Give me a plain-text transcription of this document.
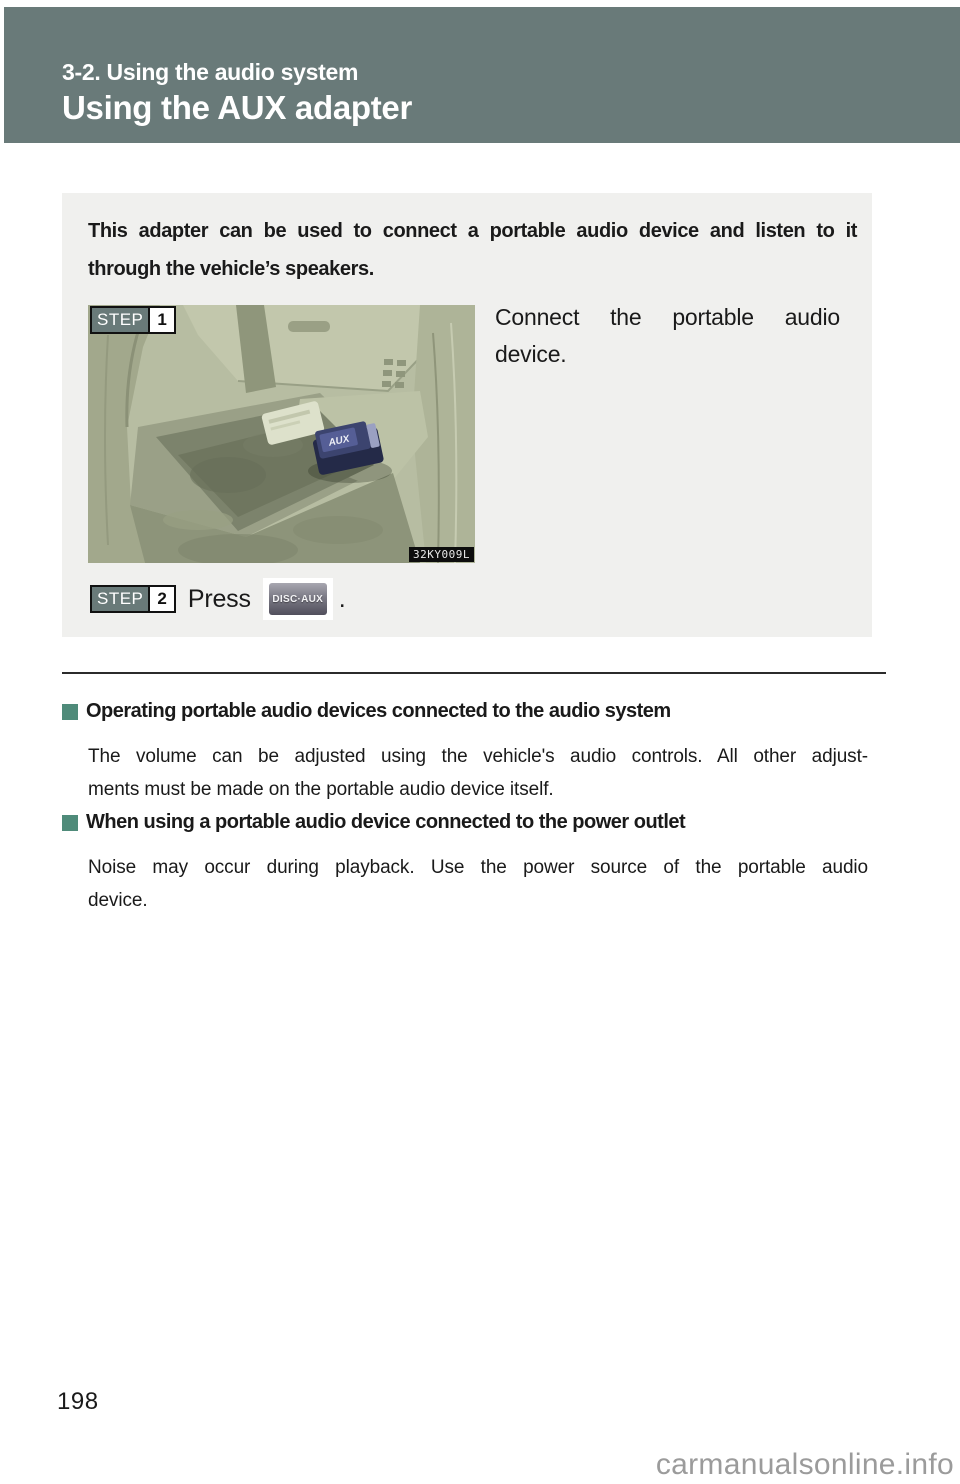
3-2. Using the audio system
Using the AUX adapter
This adapter can be used to connect a portable audio device and listen to it
through the vehicle’s speakers.
AUX
32KY009L
STEP 1	Connect the portable audio
device.
STEP 2 Press	DISC·AUX .
Operating portable audio devices connected to the audio system
The volume can be adjusted using the vehicle's audio controls. All other adjust-
ments must be made on the portable audio device itself.
When using a portable audio device connected to the power outlet
Noise may occur during playback. Use the power source of the portable audio
device.
198
carmanualsonline.info
